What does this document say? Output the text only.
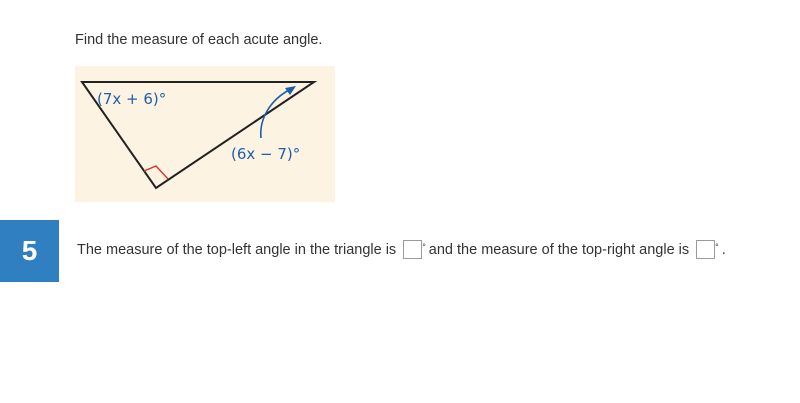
Find the measure of each acute angle.
(7x + 6)°
(6x − 7)°
5	The measure of the top-left angle in the triangle is	° and the measure of the top-right angle is	° .
